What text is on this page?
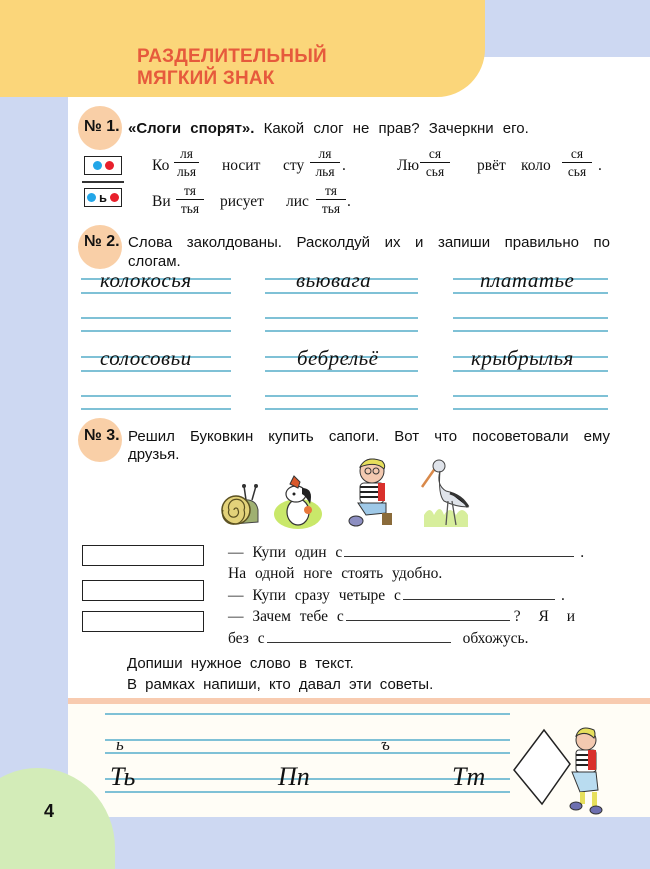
РАЗДЕЛИТЕЛЬНЫЙ
МЯГКИЙ ЗНАК
№ 1. «Слоги спорят». Какой слог не прав? Зачеркни его.
ь
Ко
ля
лья носит сту
ля
лья .	Лю
ся
сья рвёт коло
ся
сья .
Ви
тя
тья рисует лис
тя
тья .
№ 2. Слова заколдованы. Расколдуй их и запиши правильно по
слогам.
колокосья	вьювага	плататье
солосовьи	бебрельё	крыбрылья
№ 3. Решил Буковкин купить сапоги. Вот что посоветовали ему
друзья.
— Купи один с	.
На одной ноге стоять удобно.
— Купи сразу четыре с	.
— Зачем тебе с	? Я и
без с	обхожусь.
Допиши нужное слово в текст.
В рамках напиши, кто давал эти советы.
ь	ъ
Ть	Пп	Тт
4
